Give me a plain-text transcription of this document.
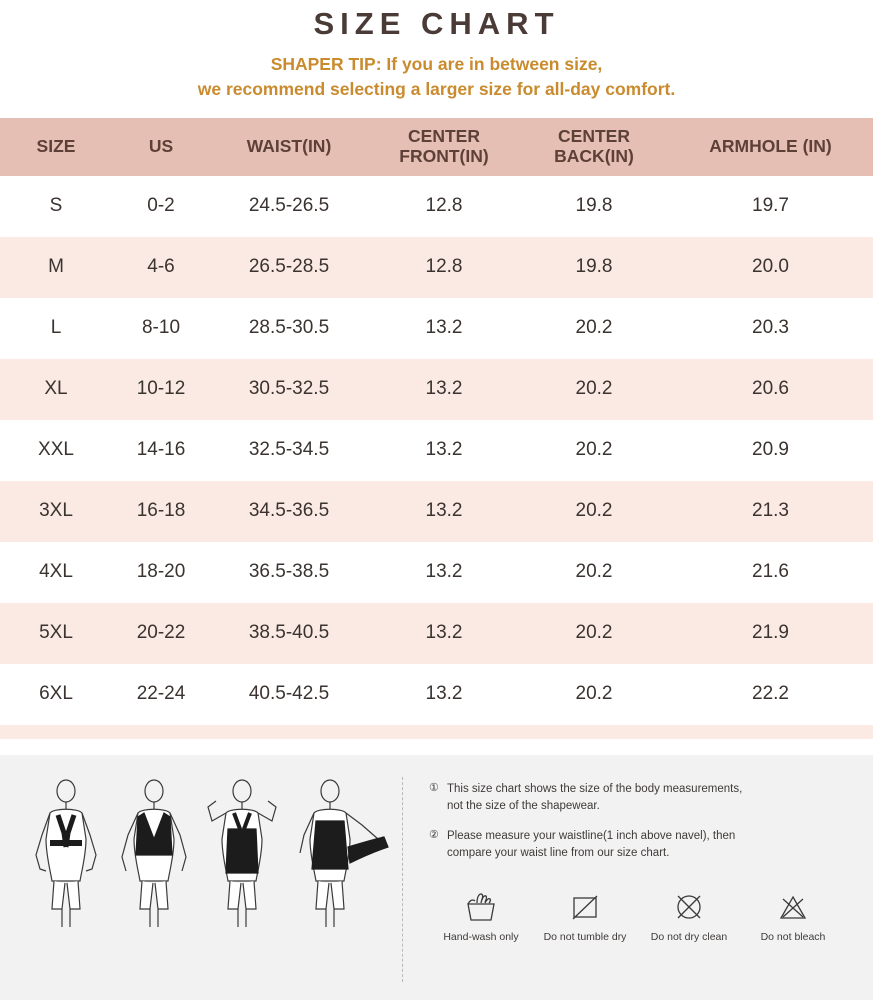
SIZE CHART
SHAPER TIP: If you are in between size,
we recommend selecting a larger size for all-day comfort.
SIZE	US	WAIST(IN)	CENTER FRONT(IN)	CENTER BACK(IN)	ARMHOLE (IN)
S	0-2	24.5-26.5	12.8	19.8	19.7
M	4-6	26.5-28.5	12.8	19.8	20.0
L	8-10	28.5-30.5	13.2	20.2	20.3
XL	10-12	30.5-32.5	13.2	20.2	20.6
XXL	14-16	32.5-34.5	13.2	20.2	20.9
3XL	16-18	34.5-36.5	13.2	20.2	21.3
4XL	18-20	36.5-38.5	13.2	20.2	21.6
5XL	20-22	38.5-40.5	13.2	20.2	21.9
6XL	22-24	40.5-42.5	13.2	20.2	22.2

① This size chart shows the size of the body measurements,
not the size of the shapewear.
② Please measure your waistline(1 inch above navel), then
compare your waist line from our size chart.
Hand-wash only Do not tumble dry Do not dry clean	Do not bleach
